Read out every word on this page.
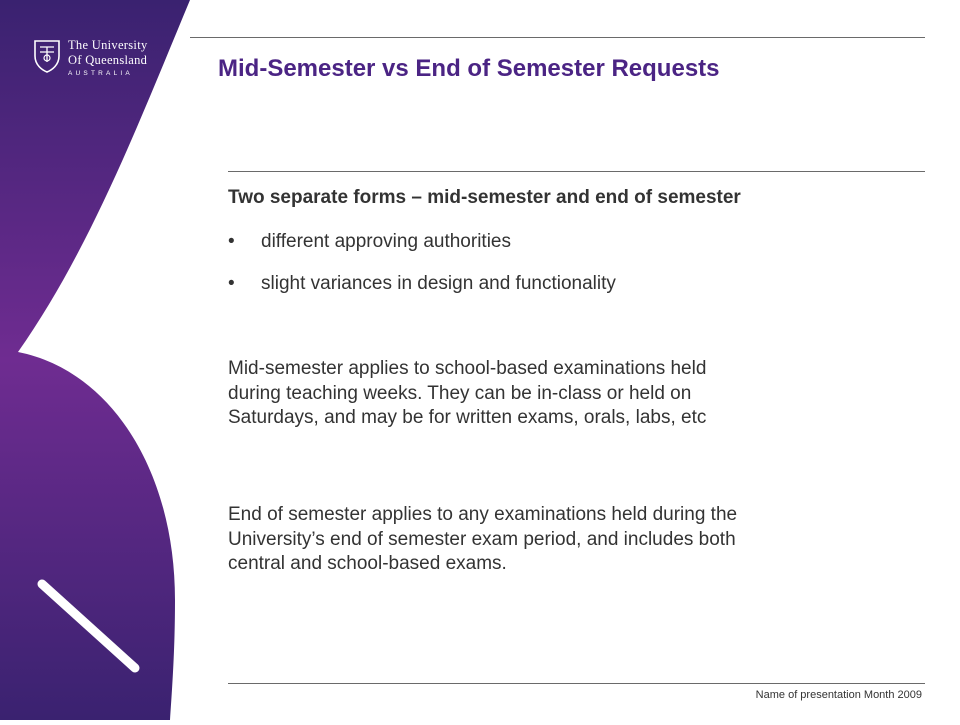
The University
Of Queensland
AUSTRALIA	Mid-Semester vs End of Semester Requests
Two separate forms – mid-semester and end of semester
• different approving authorities
• slight variances in design and functionality

Mid-semester applies to school-based examinations held
during teaching weeks. They can be in-class or held on
Saturdays, and may be for written exams, orals, labs, etc

End of semester applies to any examinations held during the
University’s end of semester exam period, and includes both
central and school-based exams.

Name of presentation Month 2009
